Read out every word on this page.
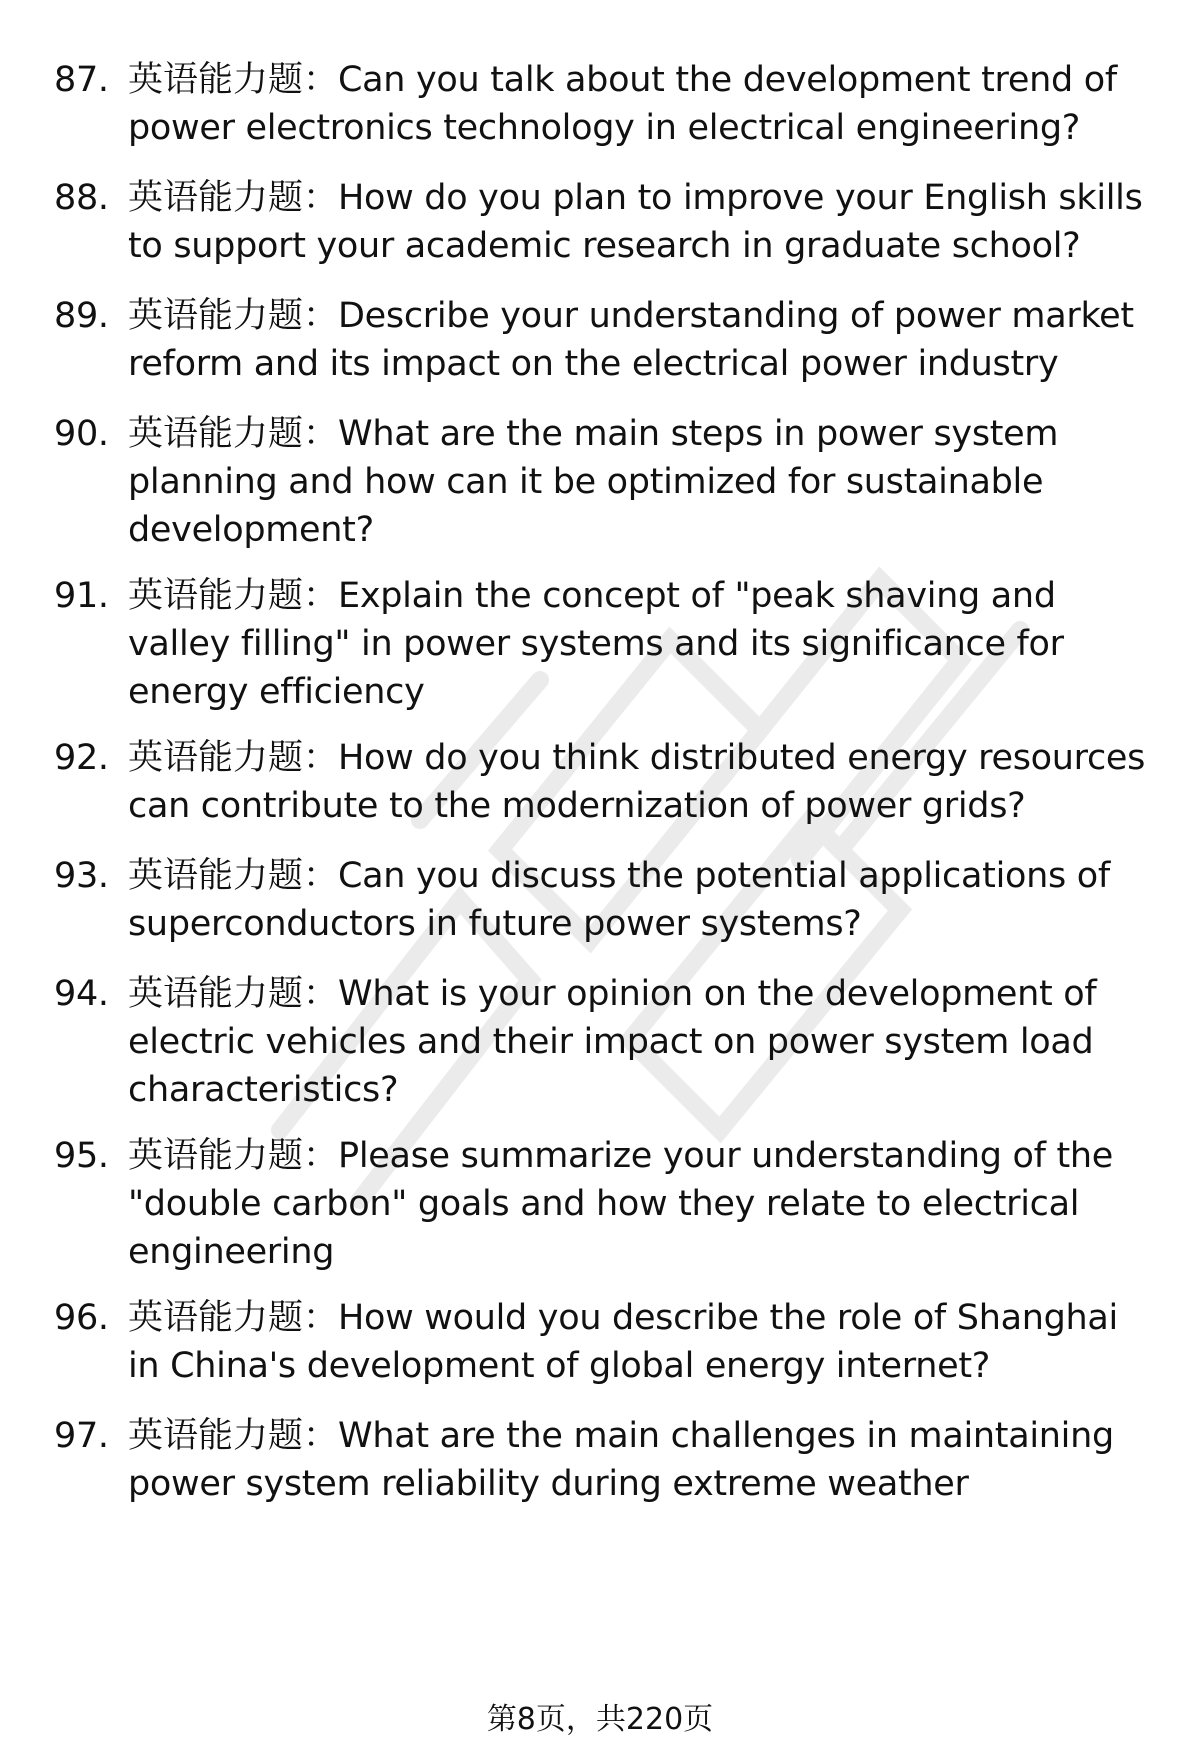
87. 英语能力题：Can you talk about the development trend of
power electronics technology in electrical engineering?
88. 英语能力题：How do you plan to improve your English skills
to support your academic research in graduate school?
89. 英语能力题：Describe your understanding of power market
reform and its impact on the electrical power industry
90. 英语能力题：What are the main steps in power system
planning and how can it be optimized for sustainable
development?
91. 英语能力题：Explain the concept of "peak shaving and
valley filling" in power systems and its significance for
energy efficiency
92. 英语能力题：How do you think distributed energy resources
can contribute to the modernization of power grids?
93. 英语能力题：Can you discuss the potential applications of
superconductors in future power systems?
94. 英语能力题：What is your opinion on the development of
electric vehicles and their impact on power system load
characteristics?
95. 英语能力题：Please summarize your understanding of the
"double carbon" goals and how they relate to electrical
engineering
96. 英语能力题：How would you describe the role of Shanghai
in China's development of global energy internet?
97. 英语能力题：What are the main challenges in maintaining
power system reliability during extreme weather
第8页，共220页
